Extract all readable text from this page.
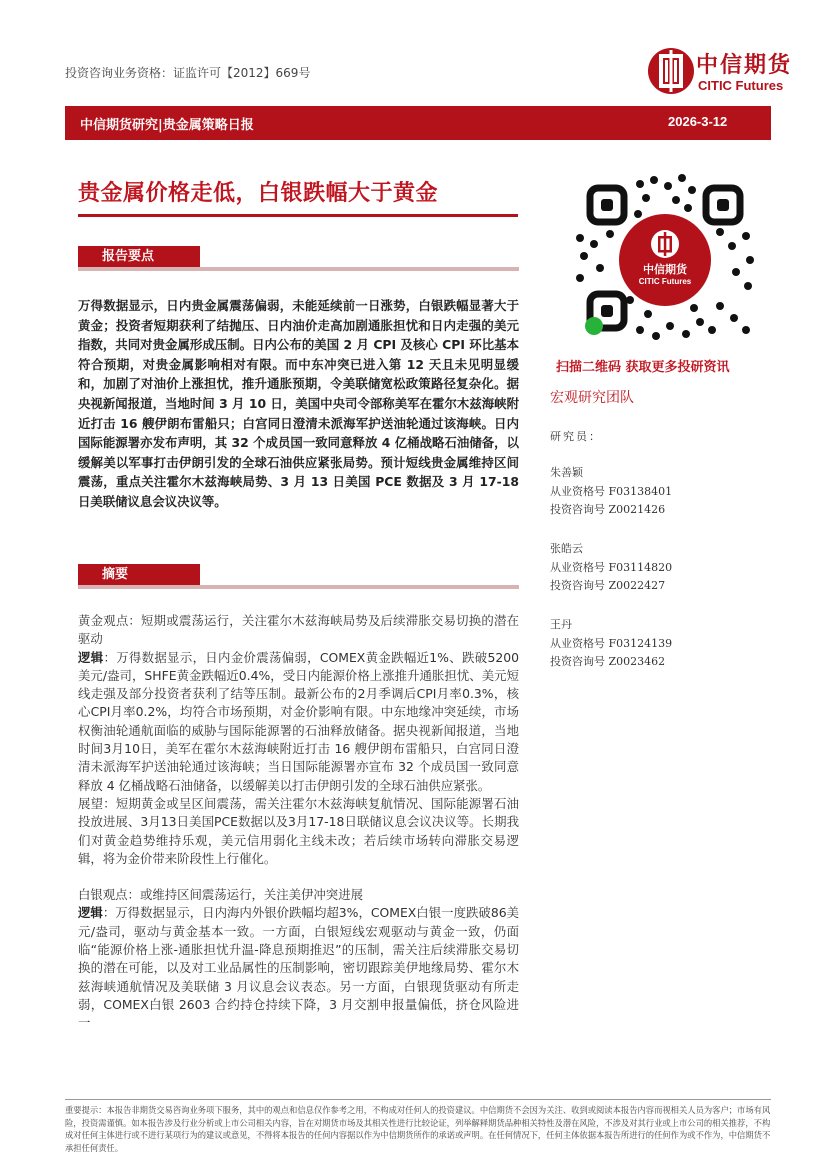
投资咨询业务资格：证监许可【2012】669号	中信期货
CITIC Futures
中信期货研究|贵金属策略日报	2026-3-12
贵金属价格走低，白银跌幅大于黄金
报告要点
万得数据显示，日内贵金属震荡偏弱，未能延续前一日涨势，白银跌幅显著大于黄金；投资者短期获利了结抛压、日内油价走高加剧通胀担忧和日内走强的美元指数，共同对贵金属形成压制。日内公布的美国 2 月 CPI 及核心 CPI 环比基本符合预期，对贵金属影响相对有限。而中东冲突已进入第 12 天且未见明显缓和，加剧了对油价上涨担忧，推升通胀预期，令美联储宽松政策路径复杂化。据央视新闻报道，当地时间 3 月 10 日，美国中央司令部称美军在霍尔木兹海峡附近打击 16 艘伊朗布雷船只；白宫同日澄清未派海军护送油轮通过该海峡。日内国际能源署亦发布声明，其 32 个成员国一致同意释放 4 亿桶战略石油储备，以缓解美以军事打击伊朗引发的全球石油供应紧张局势。预计短线贵金属维持区间震荡，重点关注霍尔木兹海峡局势、3 月 13 日美国 PCE 数据及 3 月 17-18 日美联储议息会议决议等。
摘要

黄金观点：短期或震荡运行，关注霍尔木兹海峡局势及后续滞胀交易切换的潜在驱动

逻辑：万得数据显示，日内金价震荡偏弱，COMEX黄金跌幅近1%、跌破5200美元/盎司，SHFE黄金跌幅近0.4%，受日内能源价格上涨推升通胀担忧、美元短线走强及部分投资者获利了结等压制。最新公布的2月季调后CPI月率0.3%，核心CPI月率0.2%，均符合市场预期，对金价影响有限。中东地缘冲突延续，市场权衡油轮通航面临的威胁与国际能源署的石油释放储备。据央视新闻报道，当地时间3月10日，美军在霍尔木兹海峡附近打击 16 艘伊朗布雷船只，白宫同日澄清未派海军护送油轮通过该海峡；当日国际能源署亦宣布 32 个成员国一致同意释放 4 亿桶战略石油储备，以缓解美以打击伊朗引发的全球石油供应紧张。

展望：短期黄金或呈区间震荡，需关注霍尔木兹海峡复航情况、国际能源署石油投放进展、3月13日美国PCE数据以及3月17-18日联储议息会议决议等。长期我们对黄金趋势维持乐观，美元信用弱化主线未改；若后续市场转向滞胀交易逻辑，将为金价带来阶段性上行催化。

白银观点：或维持区间震荡运行，关注美伊冲突进展

逻辑：万得数据显示，日内海内外银价跌幅均超3%，COMEX白银一度跌破86美元/盎司，驱动与黄金基本一致。一方面，白银短线宏观驱动与黄金一致，仍面临“能源价格上涨-通胀担忧升温-降息预期推迟”的压制，需关注后续滞胀交易切换的潜在可能，以及对工业品属性的压制影响，密切跟踪美伊地缘局势、霍尔木兹海峡通航情况及美联储 3 月议息会议表态。另一方面，白银现货驱动有所走弱，COMEX白银 2603 合约持仓持续下降，3 月交割申报量偏低，挤仓风险进一

中信期货
CITIC Futures
扫描二维码 获取更多投研资讯
宏观研究团队
研究员：
朱善颖
从业资格号 F03138401
投资咨询号 Z0021426
张皓云
从业资格号 F03114820
投资咨询号 Z0022427
王丹
从业资格号 F03124139
投资咨询号 Z0023462
重要提示：本报告非期货交易咨询业务项下服务，其中的观点和信息仅作参考之用，不构成对任何人的投资建议。中信期货不会因为关注、收到或阅读本报告内容而视相关人员为客户；市场有风险，投资需谨慎。如本报告涉及行业分析或上市公司相关内容，旨在对期货市场及其相关性进行比较论证，列举解释期货品种相关特性及潜在风险，不涉及对其行业或上市公司的相关推荐，不构成对任何主体进行或不进行某项行为的建议或意见，不得将本报告的任何内容据以作为中信期货所作的承诺或声明。在任何情况下，任何主体依据本报告所进行的任何作为或不作为，中信期货不承担任何责任。
